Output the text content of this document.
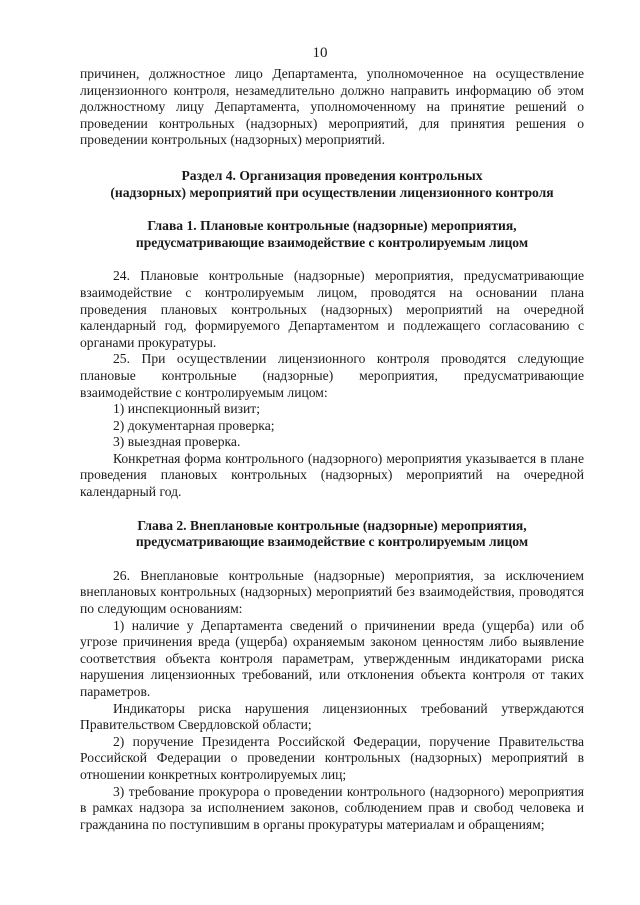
10

причинен, должностное лицо Департамента, уполномоченное на осуществление лицензионного контроля, незамедлительно должно направить информацию об этом должностному лицу Департамента, уполномоченному на принятие решений о проведении контрольных (надзорных) мероприятий, для принятия решения о проведении контрольных (надзорных) мероприятий.

Раздел 4. Организация проведения контрольных
(надзорных) мероприятий при осуществлении лицензионного контроля

Глава 1. Плановые контрольные (надзорные) мероприятия,
предусматривающие взаимодействие с контролируемым лицом

24. Плановые контрольные (надзорные) мероприятия, предусматривающие взаимодействие с контролируемым лицом, проводятся на основании плана проведения плановых контрольных (надзорных) мероприятий на очередной календарный год, формируемого Департаментом и подлежащего согласованию с органами прокуратуры.

25. При осуществлении лицензионного контроля проводятся следующие плановые контрольные (надзорные) мероприятия, предусматривающие взаимодействие с контролируемым лицом:

1) инспекционный визит;

2) документарная проверка;

3) выездная проверка.

Конкретная форма контрольного (надзорного) мероприятия указывается в плане проведения плановых контрольных (надзорных) мероприятий на очередной календарный год.

Глава 2. Внеплановые контрольные (надзорные) мероприятия,
предусматривающие взаимодействие с контролируемым лицом

26. Внеплановые контрольные (надзорные) мероприятия, за исключением внеплановых контрольных (надзорных) мероприятий без взаимодействия, проводятся по следующим основаниям:

1) наличие у Департамента сведений о причинении вреда (ущерба) или об угрозе причинения вреда (ущерба) охраняемым законом ценностям либо выявление соответствия объекта контроля параметрам, утвержденным индикаторами риска нарушения лицензионных требований, или отклонения объекта контроля от таких параметров.

Индикаторы риска нарушения лицензионных требований утверждаются Правительством Свердловской области;

2) поручение Президента Российской Федерации, поручение Правительства Российской Федерации о проведении контрольных (надзорных) мероприятий в отношении конкретных контролируемых лиц;

3) требование прокурора о проведении контрольного (надзорного) мероприятия в рамках надзора за исполнением законов, соблюдением прав и свобод человека и гражданина по поступившим в органы прокуратуры материалам и обращениям;
